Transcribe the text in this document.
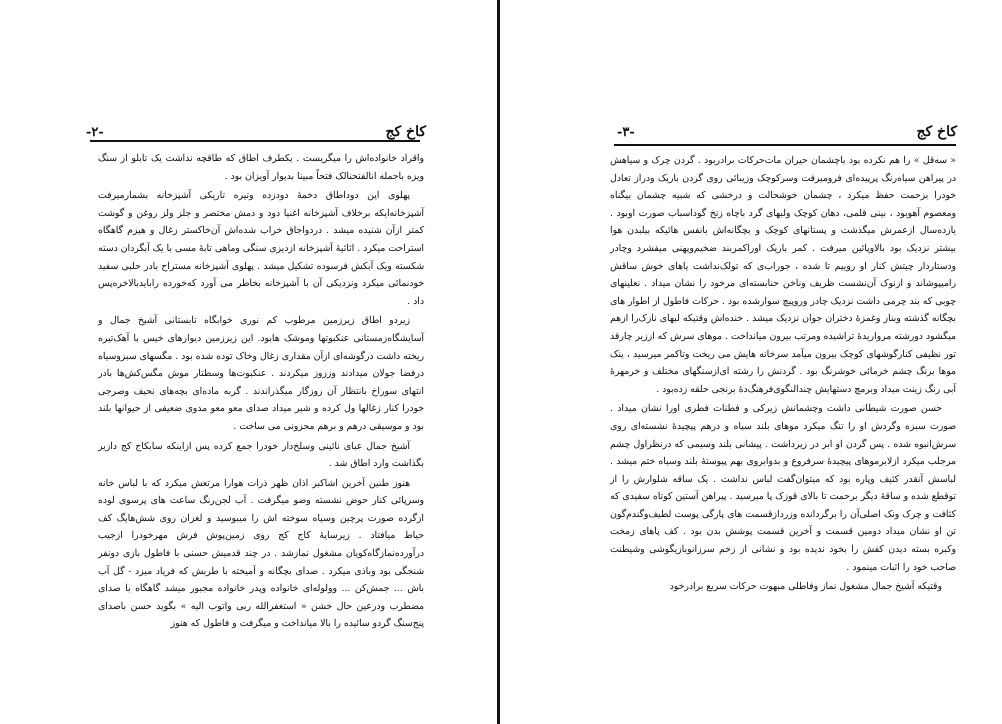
-۲-	کاخ کج

واقراد خانواده‌اش را میگریست . یکطرف اطاق که طاقچه نداشت یک تابلو از سنگ ویزه باجمله انالفتحنالک فتحاً مبینا بدیوار آویزان بود .

پهلوی این دوداطاق دخمهٔ دودزده وتیره تاریکی آشپزخانه بشمارمیرفت آشپزخانه‌ایکه برخلاف آشپزخانه اغنیا دود و دمش مختصر و جلز ولز روغن و گوشت کمتر ازآن شنیده میشد . دردواجاق خراب شده‌اش آن‌خاکستر زغال و هیزم گاهگاه استراحت میکرد . اثاثیهٔ آشپزخانه ازدیزی سنگی وماهی تابهٔ مسی با یک آبگردان دسته شکسته ویک آبکش فرسوده تشکیل میشد . پهلوی آشپزخانه مستراح بادر حلبی سفید خودنمائی میکرد ونزدیکی آن با آشپزخانه بخاطر می آورد که‌خورده رابایدبالاخره‌پس داد .

زیردو اطاق زیرزمین مرطوب کم نوری خوابگاه تابستانی آشیخ جمال و آسایشگاه‌زمستانی عنکبوتها وموشک هابود. این زیرزمین دیوارهای خیس با آهک‌تیره ریخته داشت درگوشه‌ای ازآن مقداری زغال وخاک توده شده بود . مگسهای سبزوسیاه درفضا جولان میدادند وززوز میکردند . عنکبوت‌ها وسطتار موش مگس‌کش‌ها بادر انتهای سوراخ بانتظار آن روزگار میگذراندند . گربه ماده‌ای بچه‌های نحیف وصرجی خودرا کنار زغالها ول کرده و شیر میداد صدای معو معو مدوی ضعیفی از حیوانها بلند بود و موسیقی درهم و برهم محزونی می ساخت .

آشیخ جمال عبای نائینی وسلخ‌دار خودرا جمع کرده پس ازاینکه سابکاج کج دازیر بگذاشت وارد اطاق شد .

هنوز طنین آخرین اشاکبر اذان ظهر ذرات هوارا مرتعش میکرد که با لباس خانه وسرپائی کنار حوض نشسته وضو میگرفت . آب لجن‌رنگ ساعت های پرسوی لوده ازگرده صورت پرچین وسیاه سوخته اش را میبوسید و لغزان روی شش‌هایگ کف حیاط میافتاد . زیرسایهٔ کاج کج روی زمین‌پوش فرش مهرخودرا ازجیب درآورده‌نمازگاه‌کویان مشغول نمازشد . در چند قدمیش حسنی با فاطول بازی دونفر شنجگی بود وباذی میکرد . صدای بچگانه و آمیخته با طربش که فریاد میزد - گل آب باش ... جمش‌کن ... وولوله‌ای خانواده وپدر خانواده مجبور میشد گاهگاه با صدای مضطرب ودرعین حال خشن « استغفرالله ربی واتوب الیه » بگوید حسن باصدای پنج‌سنگ گردو سائیده را بالا میانداخت و میگرفت و فاطول که هنوز

-۳-	کاخ کج

« سه‌قل » را هم نکرده بود باچشمان حیران مات‌حرکات برادربود . گردن چرک و سیاهش در پیراهن سیاه‌رنگ پرپیده‌ای فرومیرفت وسرکوچک وزیبائی روی گردن باریک ودراز تعادل خودرا بزحمت حفظ میکرد ، چشمان خوشحالت و درخشی که شبیه چشمان بیگناه ومعصوم آهوبود ، بینی قلمی، دهان کوچک ولبهای گرد باچاه زنخ گوداسباب صورت اوبود . یازده‌سال ازعمرش میگذشت و پستانهای کوچک و بچگانه‌اش بانفس هائیکه بیلبدن هوا بیشتر نزدیک بود بالاوپائین میرفت . کمر باریک اوراکمربند ضخیم‌وپهنی میفشرد وچادر ودستاردار چیتش کنار او روییم تا شده ، جوراب‌ی که تولک‌نداشت یاهای خوش ساقش رامیپوشاند و ازنوک آن‌نشست ظریف وناخن حنابسته‌ای مرخود را نشان میداد . نعلینهای چوبی که بند چرمی داشت نزدیک چادر وروپیچ سوارشده بود . حرکات فاطول از اطوار های بچگانه گذشته وبناز وغمزهٔ دختران جوان نزدیک میشد . خنده‌اش وقتیکه لبهای نازک‌را ازهم میگشود دورشته مرواریدهٔ تراشیده ومرتب بیرون میانداخت . موهای سرش که اززیر چارقد تور نظیفی کنار‌گوشهای کوچک بیرون میآمد سرخانه هایش می ریخت وتاکمر میرسید ، ینک موها برنگ چشم خرمائی خوشرنگ بود . گردنش را رشته ای‌ازسنگهای مختلف و خرمهرهٔ آبی رنگ زینت میداد وبرمچ دستهایش چندالنگوی‌فرهنگ‌دهٔ برنجی حلقه زده‌بود .

حسن صورت شیطانی داشت وچشمانش زیرکی و فطنات فطری اورا نشان میداد . صورت سبزه وگردش او را تنگ میکرد موهای بلند سیاه و درهم پیچیدهٔ نشسته‌ای روی سرش‌انبوه شده . پس گردن او ابر در زیرداشت . پیشانی بلند وسیمی که درنظراول چشم مرجلب میکرد ازلابرموهای پیچیدهٔ سرفروع و بدوابروی بهم پیوستهٔ بلند وسیاه ختم میشد . لباسش آنقدر کثیف وپاره بود که میتوان‌گفت لباس نداشت . یک ساقه شلوارش را از توقطع شده و ساقهٔ دیگر برحمت تا بالای قوزک پا میرسید . پیراهن آستین کوتاه سفیدی که کثافت و چرک ونک اصلی‌آن را برگردانده وزردازقسمت های پارگی پوست لطیف‌وگندم‌گون تن او نشان میداد دومین قسمت و آخرین قسمت پوشش بدن بود . کف پاهای زمخت وکبره بسته دیدن کفش را بخود ندیده بود و نشانی از زخم سرزانو‌بازیگوشی وشیطنت صاحب خود را اثبات مینمود .

وقتیکه آشیخ جمال مشغول نماز وفاطلی مبهوت حرکات سریع برادرخود
